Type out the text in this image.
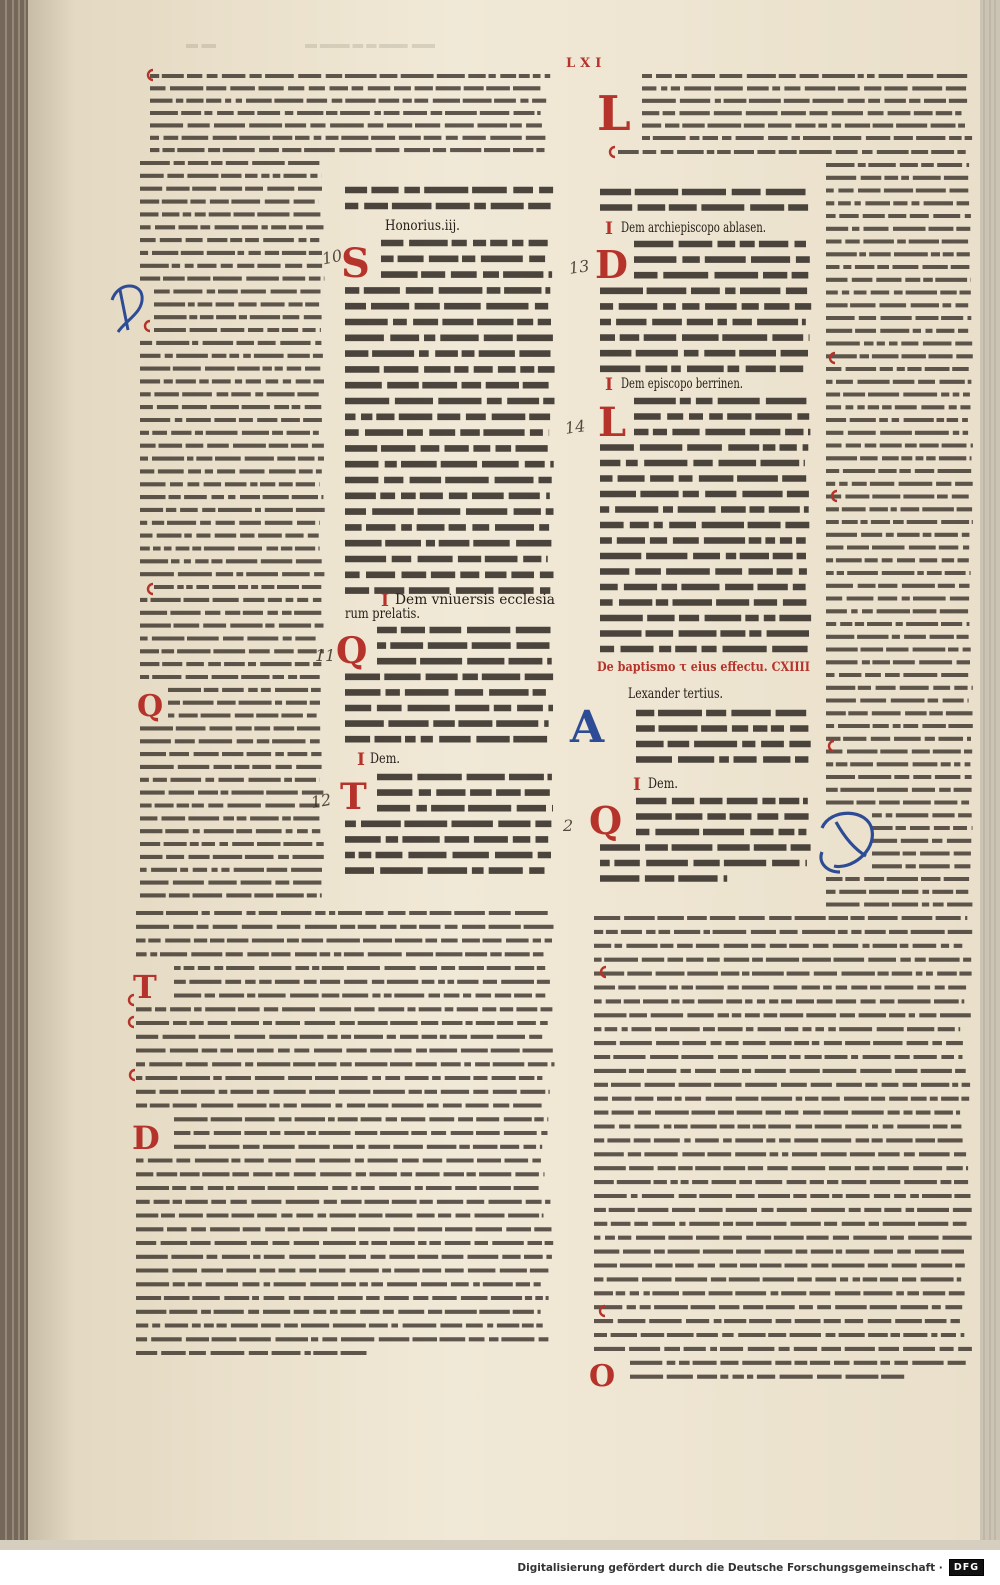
LXI
Honorius.iij.
Dem vniuersis ecclesia
rum prelatis.
Dem.
Dem archiepiscopo ablasen.
Dem episcopo berrinen.
De baptismo τ eius effectu. CXIIII
Lexander tertius.
Dem.
I
I
I
I
I
S
Q
T
L
D
L
Q
T
D
Q
O
A
10	13
14
11
12
2
Digitalisierung gefördert durch die Deutsche Forschungsgemeinschaft ·	DFG
